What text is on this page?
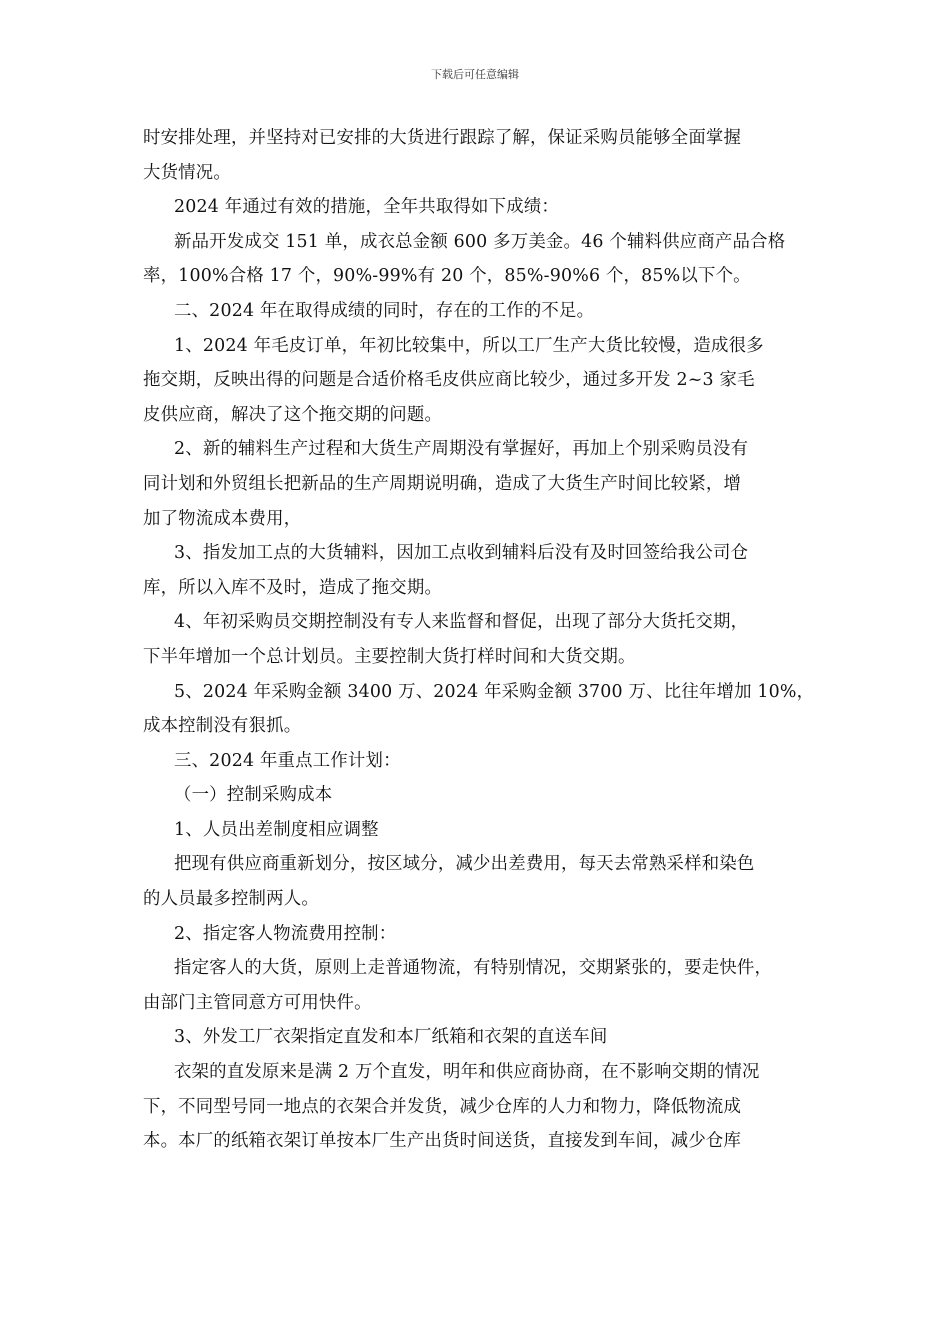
下载后可任意编辑

时安排处理，并坚持对已安排的大货进行跟踪了解，保证采购员能够全面掌握

大货情况。

2024 年通过有效的措施，全年共取得如下成绩：

新品开发成交 151 单，成衣总金额 600 多万美金。46 个辅料供应商产品合格

率，100%合格 17 个，90%-99%有 20 个，85%-90%6 个，85%以下个。

二、2024 年在取得成绩的同时，存在的工作的不足。

1、2024 年毛皮订单，年初比较集中，所以工厂生产大货比较慢，造成很多

拖交期，反映出得的问题是合适价格毛皮供应商比较少，通过多开发 2~3 家毛

皮供应商，解决了这个拖交期的问题。

2、新的辅料生产过程和大货生产周期没有掌握好，再加上个别采购员没有

同计划和外贸组长把新品的生产周期说明确，造成了大货生产时间比较紧，增

加了物流成本费用，

3、指发加工点的大货辅料，因加工点收到辅料后没有及时回签给我公司仓

库，所以入库不及时，造成了拖交期。

4、年初采购员交期控制没有专人来监督和督促，出现了部分大货托交期，

下半年增加一个总计划员。主要控制大货打样时间和大货交期。

5、2024 年采购金额 3400 万、2024 年采购金额 3700 万、比往年增加 10%，

成本控制没有狠抓。

三、2024 年重点工作计划：

（一）控制采购成本

1、人员出差制度相应调整

把现有供应商重新划分，按区域分，减少出差费用，每天去常熟采样和染色

的人员最多控制两人。

2、指定客人物流费用控制：

指定客人的大货，原则上走普通物流，有特别情况，交期紧张的，要走快件，

由部门主管同意方可用快件。

3、外发工厂衣架指定直发和本厂纸箱和衣架的直送车间

衣架的直发原来是满 2 万个直发，明年和供应商协商，在不影响交期的情况

下，不同型号同一地点的衣架合并发货，减少仓库的人力和物力，降低物流成

本。本厂的纸箱衣架订单按本厂生产出货时间送货，直接发到车间，减少仓库
